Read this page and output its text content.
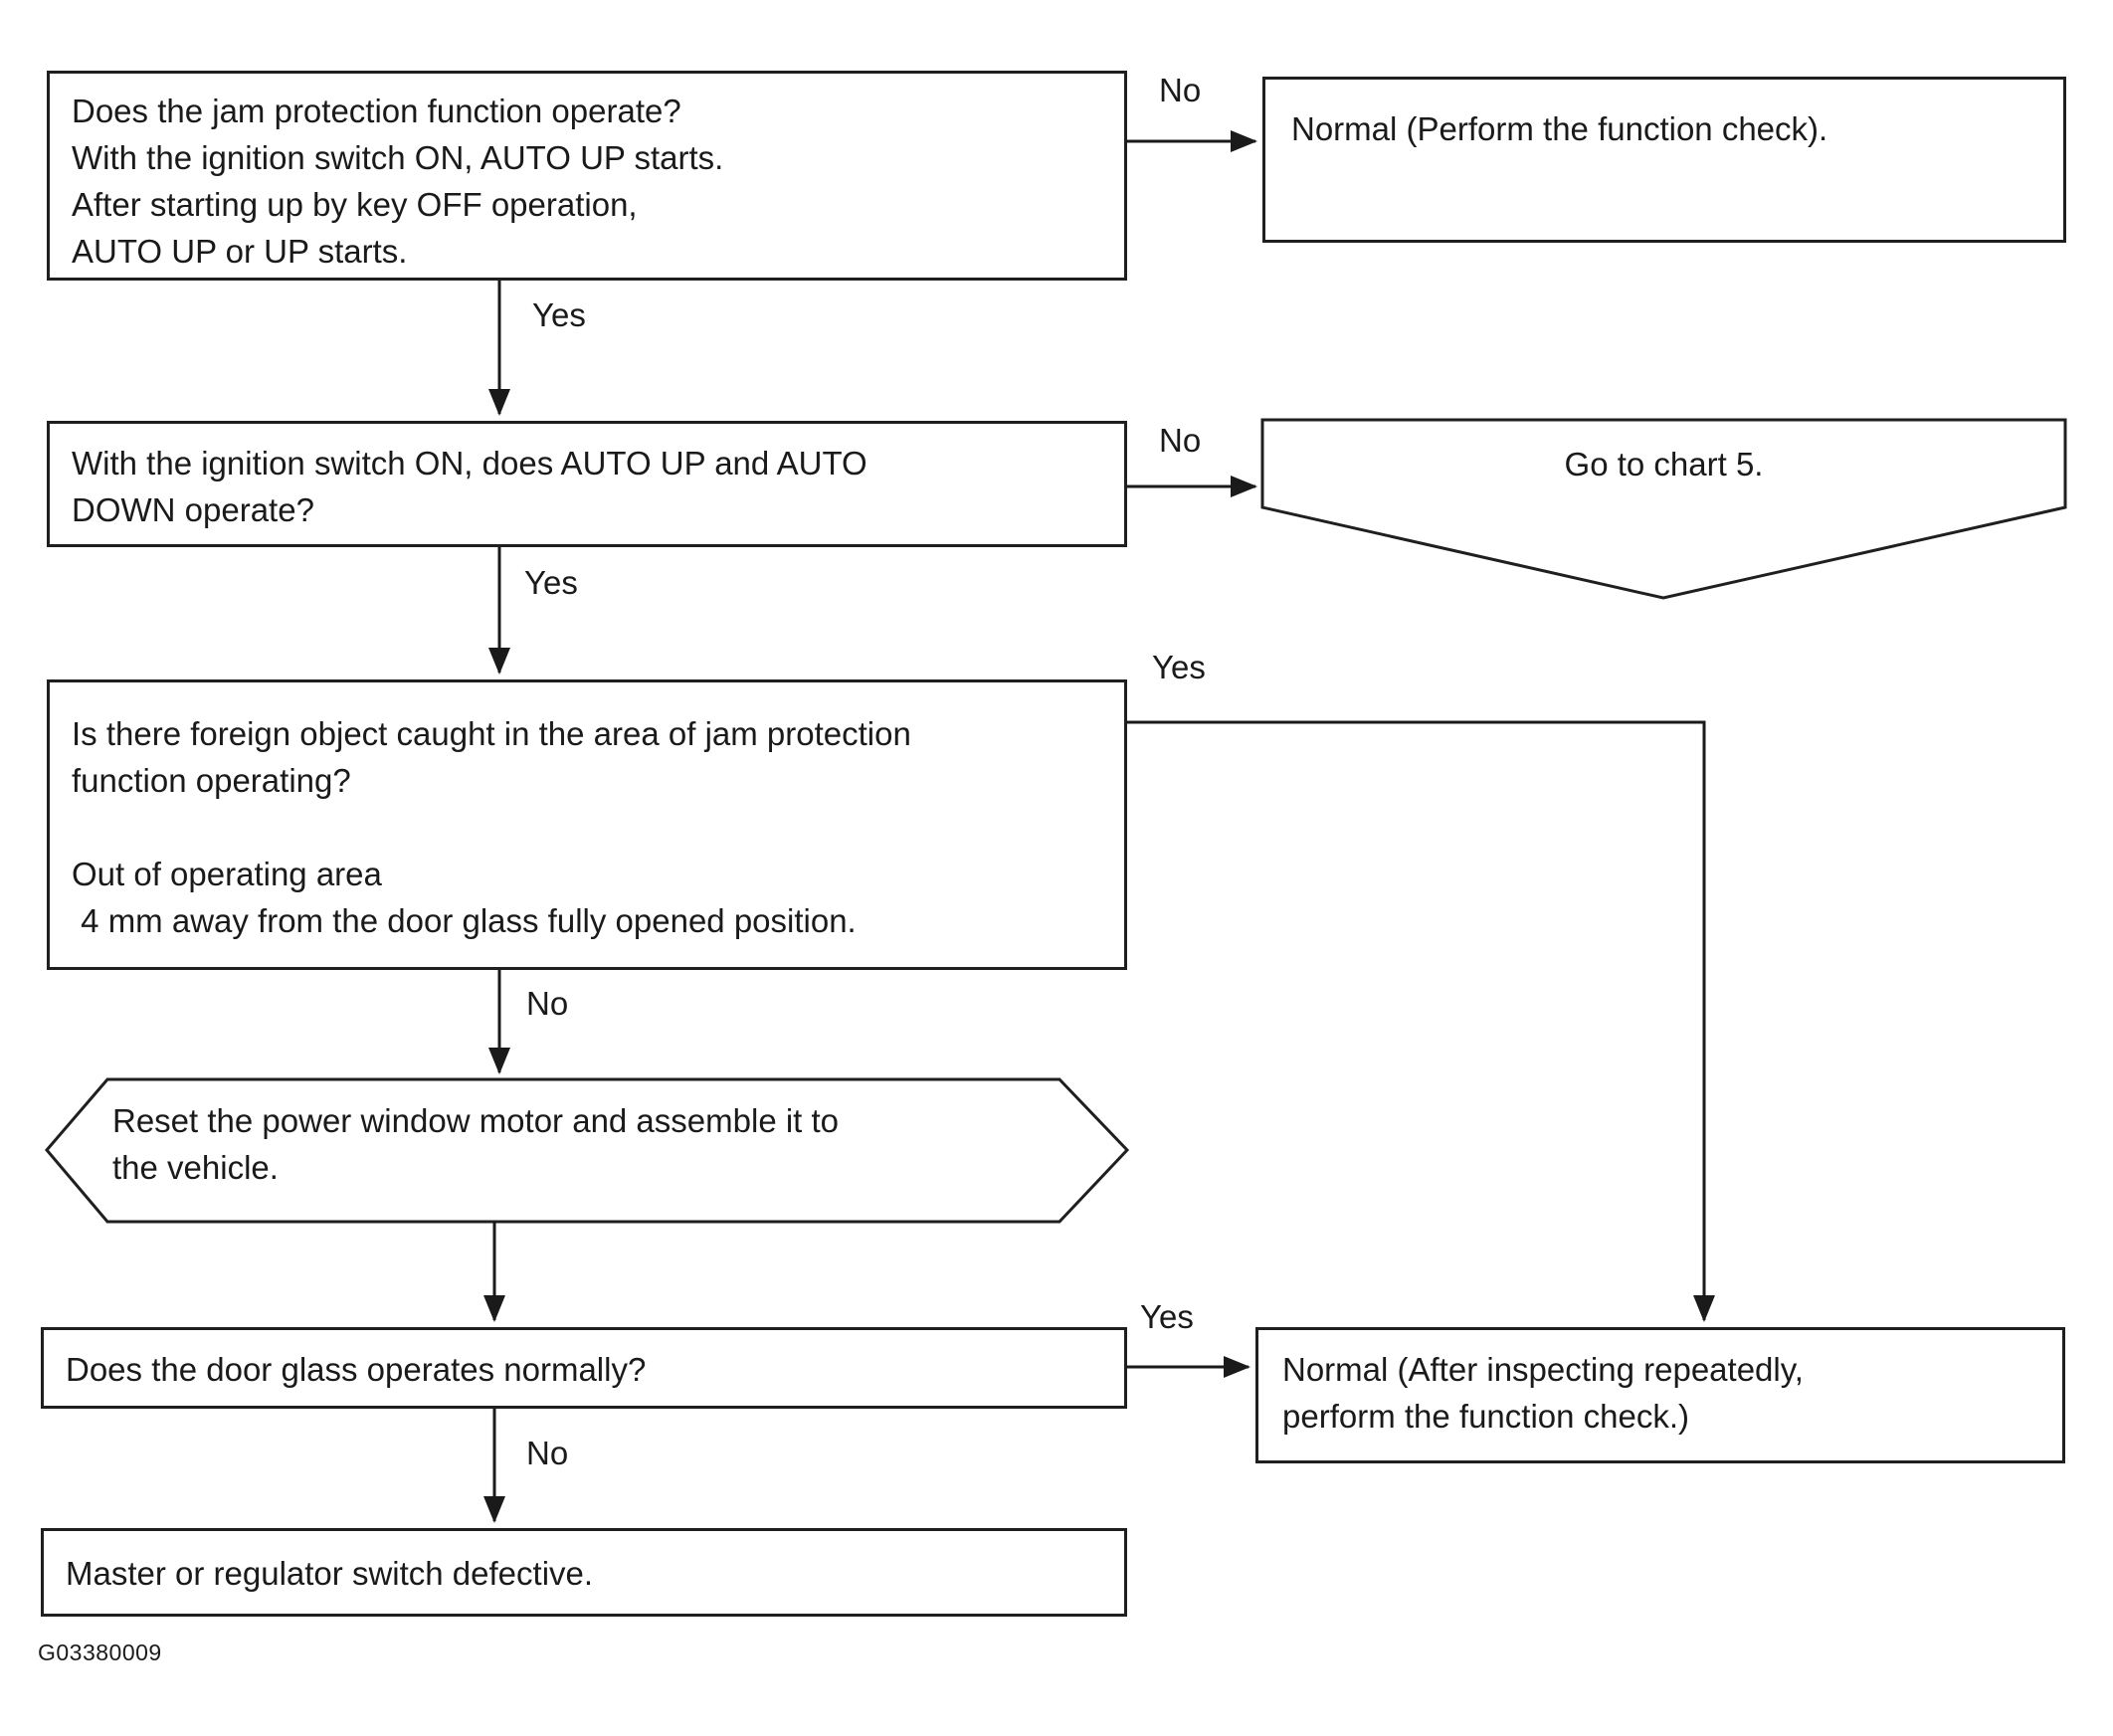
Does the jam protection function operate?
With the ignition switch ON, AUTO UP starts.
After starting up by key OFF operation,
AUTO UP or UP starts.
Normal (Perform the function check).
With the ignition switch ON, does AUTO UP and AUTO
DOWN operate?
Go to chart 5.
Is there foreign object caught in the area of jam protection
function operating?
Out of operating area
4 mm away from the door glass fully opened position.
Reset the power window motor and assemble it to
the vehicle.
Does the door glass operates normally?	Normal (After inspecting repeatedly,
perform the function check.)
Master or regulator switch defective.
No
Yes
No
Yes
Yes
No
Yes
No
G03380009
